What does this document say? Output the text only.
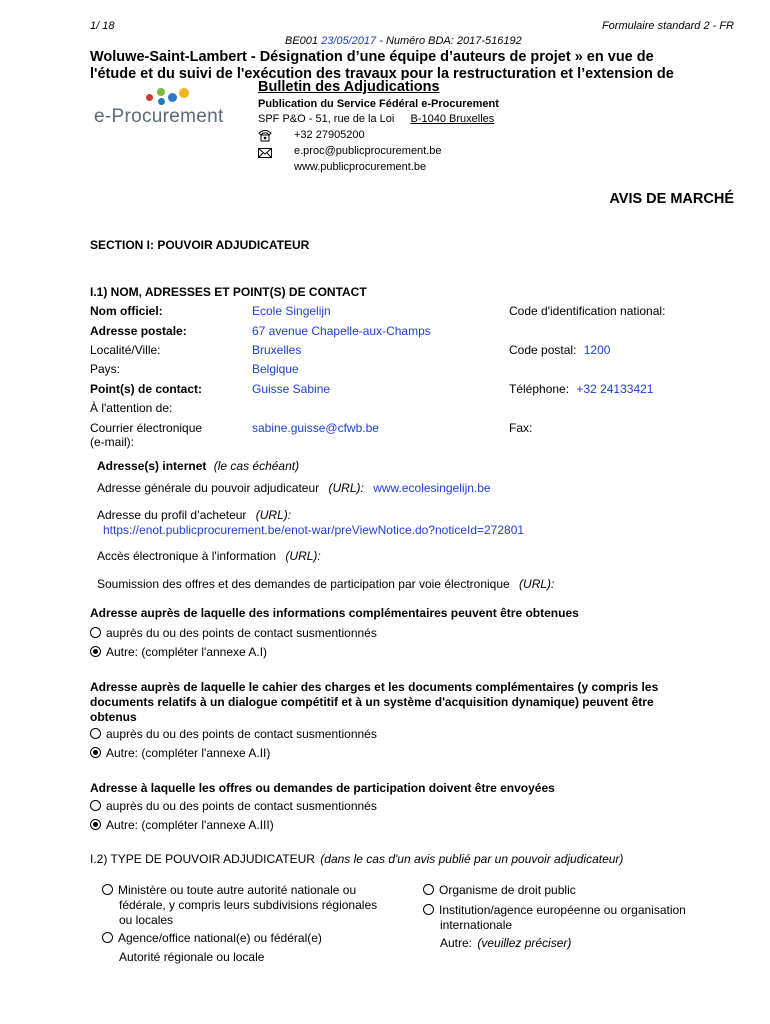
1/ 18	Formulaire standard 2 - FR
BE001 23/05/2017 - Numéro BDA: 2017-516192
Woluwe-Saint-Lambert - Désignation d’une équipe d’auteurs de projet » en vue de
l'étude et du suivi de l'exécution des travaux pour la restructuration et l’extension de
e-Procurement
Bulletin des Adjudications
Publication du Service Fédéral e-Procurement
SPF P&O - 51, rue de la Loi B-1040 Bruxelles
+32 27905200
e.proc@publicprocurement.be
www.publicprocurement.be
AVIS DE MARCHÉ
SECTION I: POUVOIR ADJUDICATEUR
I.1) NOM, ADRESSES ET POINT(S) DE CONTACT
Nom officiel:	Ecole Singelijn	Code d'identification national:
Adresse postale:	67 avenue Chapelle-aux-Champs
Localité/Ville:	Bruxelles	Code postal: 1200
Pays:	Belgique
Point(s) de contact:	Guisse Sabine	Téléphone: +32 24133421
À l'attention de:
Courrier électronique
(e-mail):
sabine.guisse@cfwb.be	Fax:
Adresse(s) internet (le cas échéant)
Adresse générale du pouvoir adjudicateur (URL): www.ecolesingelijn.be
Adresse du profil d’acheteur (URL):
https://enot.publicprocurement.be/enot-war/preViewNotice.do?noticeId=272801
Accès électronique à l'information (URL):
Soumission des offres et des demandes de participation par voie électronique (URL):
Adresse auprès de laquelle des informations complémentaires peuvent être obtenues
auprès du ou des points de contact susmentionnés
Autre: (compléter l'annexe A.I)
Adresse auprès de laquelle le cahier des charges et les documents complémentaires (y compris les
documents relatifs à un dialogue compétitif et à un système d'acquisition dynamique) peuvent être
obtenus
auprès du ou des points de contact susmentionnés
Autre: (compléter l'annexe A.II)
Adresse à laquelle les offres ou demandes de participation doivent être envoyées
auprès du ou des points de contact susmentionnés
Autre: (compléter l'annexe A.III)
I.2) TYPE DE POUVOIR ADJUDICATEUR (dans le cas d'un avis publié par un pouvoir adjudicateur)
Ministère ou toute autre autorité nationale ou
fédérale, y compris leurs subdivisions régionales
ou locales
Agence/office national(e) ou fédéral(e)
Autorité régionale ou locale
Organisme de droit public
Institution/agence européenne ou organisation
internationale
Autre: (veuillez préciser)
